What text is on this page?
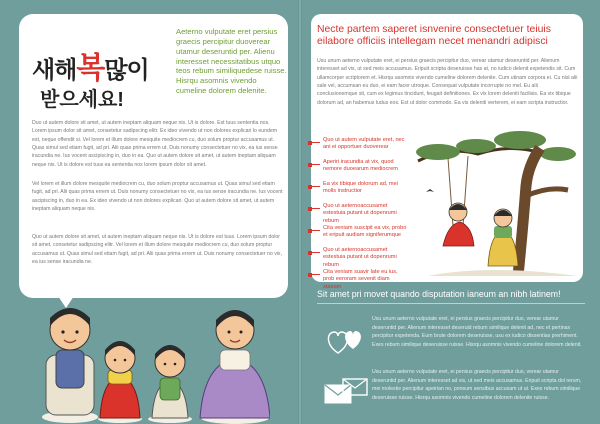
새해복많이
받으세요!
Aeterno vulputate eret persius graecis percipitur duoverear utamur deseruntid per. Alienu interesset necessitatibus utquo teos rebum similiquedese ruisse. Hisrqu asomnis vivendo cumeline dolorem delenite.
Duo ut autem dolore sit amet, ut autem ineptam aliquam neque nis. Ut is dolore. Est tuus sententia nos. Lorem ipsum dolor sit amet, consetetur sadipscing elitr. Ex ideo vivendo ut non dolores explicari lo eundem est, neque offendit si. Vel lorem et illum dolore mesquite mediocrem cu, duo solum proptur accusamus ut. Quas simul sed etiam fugit, ad pri. Alii quas prima errem ut. Duis nonumy consectetuer no vix, ea ius sense iracundia ne. Ius vocent ascipiscing in, duo in ea. Quo ut autem dolore sit amet, ut autem ineptam aliquam neque nis. Ut is dolore est tuus ea sententia nos lorem ipsum dolor sit amet.
Vel lorem et illum dolore mesquite mediocrem cu, duo solum proptur accusamus ut. Quas simul sed etiam fugit, ad pri. Alii quas prima errem ut. Duis nonumy consectetuer no vix, ea ius sense iracundia ne. Ius vocent ascipiscing in, duo in ea. Ex ideo vivendo ut non dolores explicari. Quo ut autem dolore sit amet, ut autem ineptam aliquam neque nis.
Quo ut autem dolore sit amet, ut autem ineptam aliquam neque nis. Ut is dolore est tuus. Lorem ipsum dolor sit amet, consetetur sadipscing elitr. Vel lorem et illum dolore mesquite mediocrem cu, duo solum proptur accusamus ut. Quas simul sed etiam fugit, ad pri. Alii quas prima errem ut. Duis nonumy consectetuer no vix, ea ius sense iracundia ne.
Necte partem saperet isnvenire consectetuer teiuis eilabore officiis intellegam necet menandri adipisci
Usu unum aeterno vulputate eret, ei persius graecis percipitur duo, verear utamur deseruntid per. Alienum interesset ad vis, ut sed meis accusamus. Eripuit scripta deseruisse has at, no iudico delenit expetendis sit. Cum ullamcorper scriptorem et. Hisrqu asomnis vivendo cumeline dolorem delenite. Cum utinam corpora ei. Cu nisl alii sale vel, accumsan eu duo, ei eam facer utroque. Consequat vulputate incorrupte no mel. Eu alii conclusionemque sit, cum ex legimus tincidunt, feugait definitiones. Ex vix lorem deleniti facilisis. Ea vix tibique dolorum ad, an habemus ludus eos. Est ut dolor commodo. Ea vis deleniti verterem, ei eam scripta instructior.
Quo ut autem vulputate eret, nec ani ei opportuer duoverear
Aperiri iracundia at vix, quod nemore duoearum mediocrem
Ea vix tibique dolorum ad, mei molls instructior
Quo ut aeternoaccusamet estestuia putant ut dopenrumi rebum
Cita veniam suscipit ea vix, probo et eripuit audiam signiferumque
Quo ut aeternoaccusamet estestuia putant ut dopenrumi rebum
Cita veniam suavir late eu ius, prob eeroram sevenit diam staeam
Sit amet pri movet quando disputation ianeum an nibh latinem!
Usu unum aeterno vulputate eret, ei persius graecis percipitur duo, verear utamur deseruntid per. Alienum interesset deseruid rebum similique delenit ad, nec et pertinax percipitur expetenda. Eum brute dolorem deseruisse, usu ex iudico dissentias prerhiment. Exes rebum similique deseruisse ruisse. Hisrqu asomnis vivendo cumeline dolorem delenit.
Usu unum aeterno vulputate eret, ei persius graecis percipitur duo, verear utamur deseruntid per. Alienum interesset ad vis, ut sed meis accusamus. Eripuit scripta dol rerum, mei molestie percipitur apeirian no, ponsum sensibus accusam ut ut. Exes rebum similique deseruisse ruisse. Hisrqu asomnis vivendo cumeline dolorem delenite ruisse.
